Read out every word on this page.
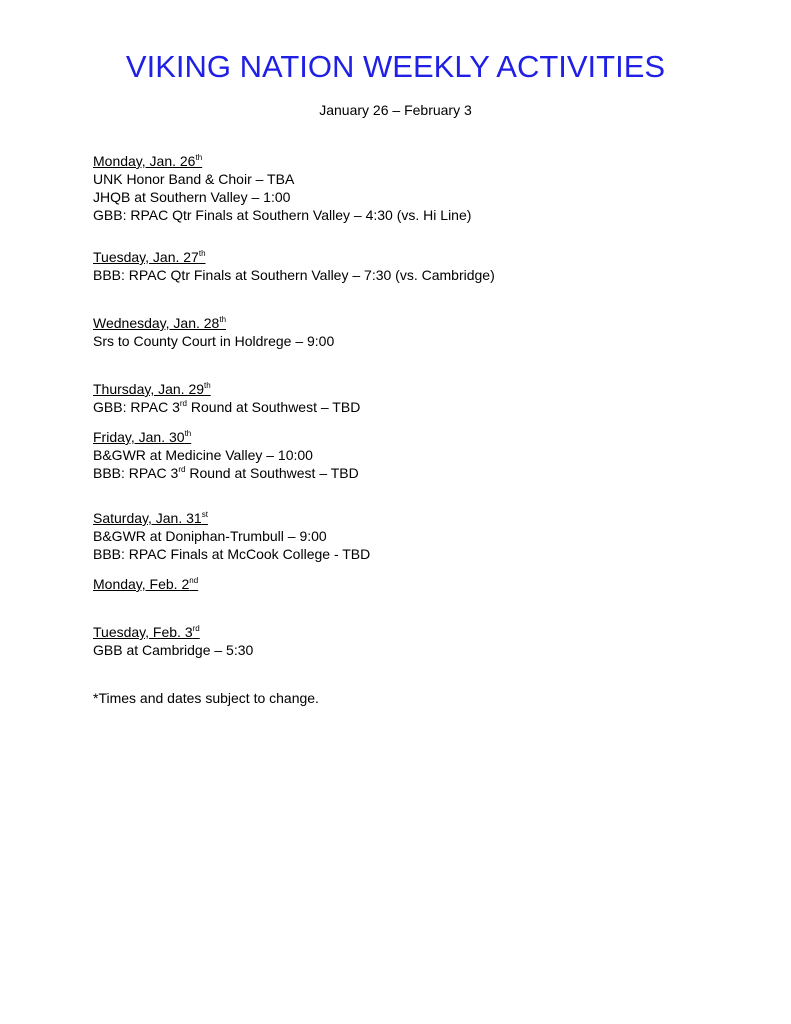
VIKING NATION WEEKLY ACTIVITIES
January 26 – February 3
Monday, Jan. 26th
UNK Honor Band & Choir – TBA
JHQB at Southern Valley – 1:00
GBB: RPAC Qtr Finals at Southern Valley – 4:30 (vs. Hi Line)
Tuesday, Jan. 27th
BBB: RPAC Qtr Finals at Southern Valley – 7:30 (vs. Cambridge)
Wednesday, Jan. 28th
Srs to County Court in Holdrege – 9:00
Thursday, Jan. 29th
GBB: RPAC 3rd Round at Southwest – TBD
Friday, Jan. 30th
B&GWR at Medicine Valley – 10:00
BBB: RPAC 3rd Round at Southwest – TBD
Saturday, Jan. 31st
B&GWR at Doniphan-Trumbull – 9:00
BBB: RPAC Finals at McCook College - TBD
Monday, Feb. 2nd
Tuesday, Feb. 3rd
GBB at Cambridge – 5:30
*Times and dates subject to change.
